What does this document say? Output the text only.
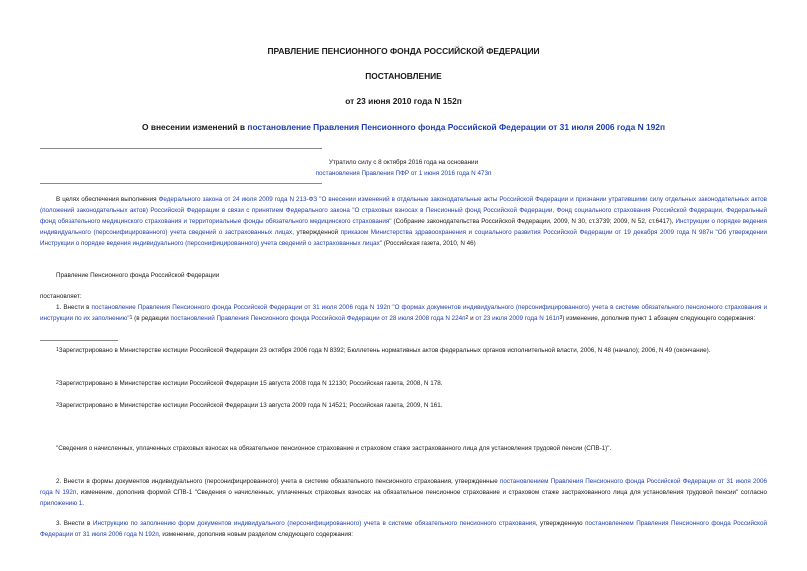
ПРАВЛЕНИЕ ПЕНСИОННОГО ФОНДА РОССИЙСКОЙ ФЕДЕРАЦИИ
ПОСТАНОВЛЕНИЕ
от 23 июня 2010 года N 152п
О внесении изменений в постановление Правления Пенсионного фонда Российской Федерации от 31 июля 2006 года N 192п
Утратило силу с 8 октября 2016 года на основании
постановления Правления ПФР от 1 июня 2016 года N 473п
В целях обеспечения выполнения Федерального закона от 24 июля 2009 года N 213-ФЗ "О внесении изменений в отдельные законодательные акты Российской Федерации и признании утратившими силу отдельных законодательных актов (положений законодательных актов) Российской Федерации в связи с принятием Федерального закона "О страховых взносах в Пенсионный фонд Российской Федерации, Фонд социального страхования Российской Федерации, Федеральный фонд обязательного медицинского страхования и территориальные фонды обязательного медицинского страхования" (Собрание законодательства Российской Федерации, 2009, N 30, ст.3739; 2009, N 52, ст.6417), Инструкции о порядке ведения индивидуального (персонифицированного) учета сведений о застрахованных лицах, утвержденной приказом Министерства здравоохранения и социального развития Российской Федерации от 19 декабря 2009 года N 987н "Об утверждении Инструкции о порядке ведения индивидуального (персонифицированного) учета сведений о застрахованных лицах" (Российская газета, 2010, N 46)
Правление Пенсионного фонда Российской Федерации
постановляет:
1. Внести в постановление Правления Пенсионного фонда Российской Федерации от 31 июля 2006 года N 192п "О формах документов индивидуального (персонифицированного) учета в системе обязательного пенсионного страхования и инструкции по их заполнению"$^1$ (в редакции постановлений Правления Пенсионного фонда Российской Федерации от 28 июля 2008 года N 224п$^2$ и от 23 июля 2009 года N 161п$^3$) изменение, дополнив пункт 1 абзацем следующего содержания:
$^1$Зарегистрировано в Министерстве юстиции Российской Федерации 23 октября 2006 года N 8392; Бюллетень нормативных актов федеральных органов исполнительной власти, 2006, N 48 (начало); 2006, N 49 (окончание).
$^2$Зарегистрировано в Министерстве юстиции Российской Федерации 15 августа 2008 года N 12130; Российская газета, 2008, N 178.
$^3$Зарегистрировано в Министерстве юстиции Российской Федерации 13 августа 2009 года N 14521; Российская газета, 2009, N 161.
"Сведения о начисленных, уплаченных страховых взносах на обязательное пенсионное страхование и страховом стаже застрахованного лица для установления трудовой пенсии (СПВ-1)".
2. Внести в формы документов индивидуального (персонифицированного) учета в системе обязательного пенсионного страхования, утвержденные постановлением Правления Пенсионного фонда Российской Федерации от 31 июля 2006 года N 192п, изменение, дополнив формой СПВ-1 "Сведения о начисленных, уплаченных страховых взносах на обязательное пенсионное страхование и страховом стаже застрахованного лица для установления трудовой пенсии" согласно приложению 1.
3. Внести в Инструкцию по заполнению форм документов индивидуального (персонифицированного) учета в системе обязательного пенсионного страхования, утвержденную постановлением Правления Пенсионного фонда Российской Федерации от 31 июля 2006 года N 192п, изменение, дополнив новым разделом следующего содержания:
